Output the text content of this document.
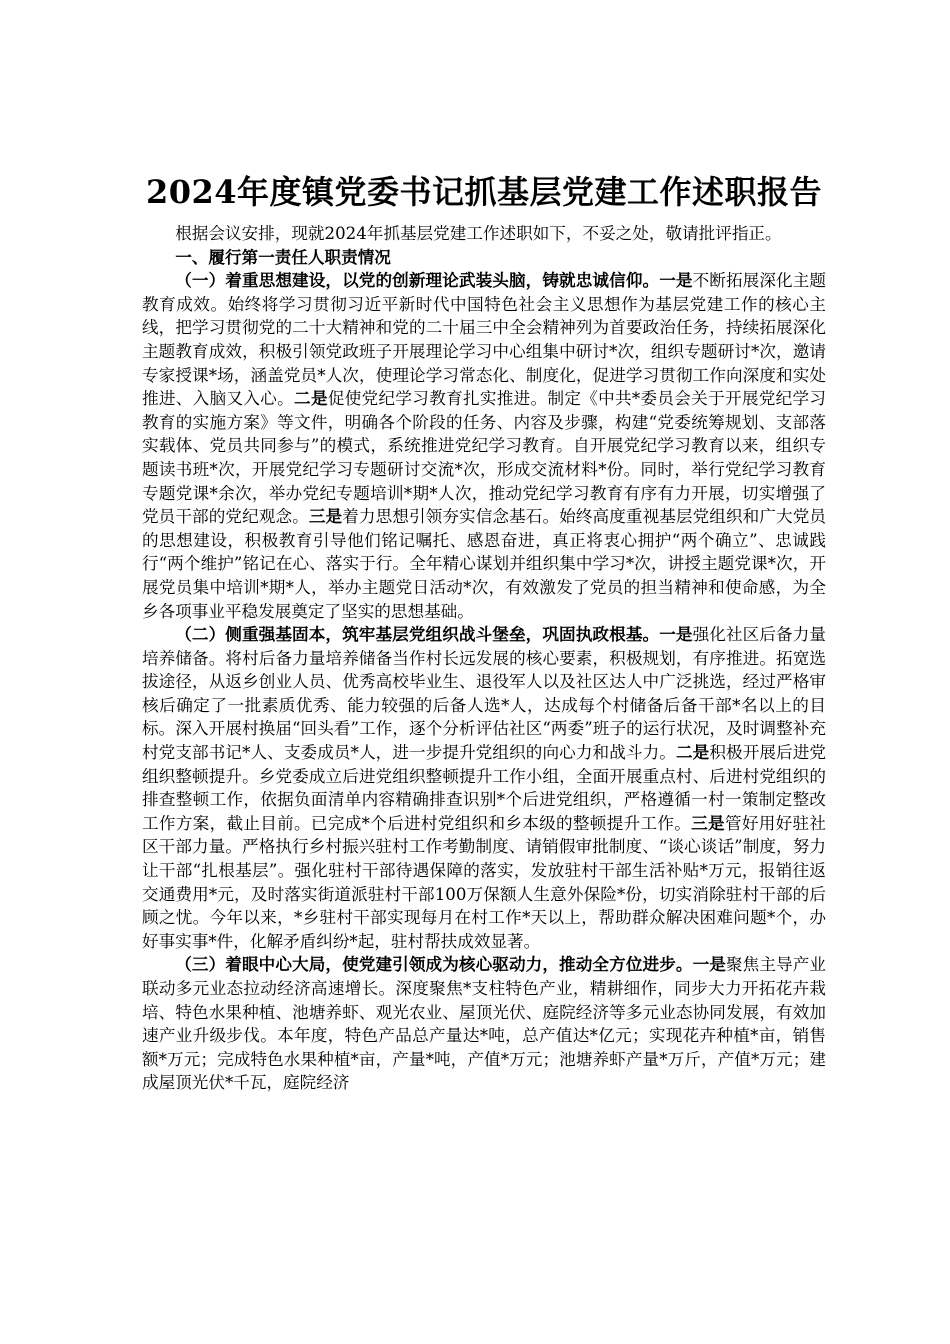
2024年度镇党委书记抓基层党建工作述职报告

根据会议安排，现就2024年抓基层党建工作述职如下，不妥之处，敬请批评指正。

一、履行第一责任人职责情况

（一）着重思想建设，以党的创新理论武装头脑，铸就忠诚信仰。一是不断拓展深化主题教育成效。始终将学习贯彻习近平新时代中国特色社会主义思想作为基层党建工作的核心主线，把学习贯彻党的二十大精神和党的二十届三中全会精神列为首要政治任务，持续拓展深化主题教育成效，积极引领党政班子开展理论学习中心组集中研讨*次，组织专题研讨*次，邀请专家授课*场，涵盖党员*人次，使理论学习常态化、制度化，促进学习贯彻工作向深度和实处推进、入脑又入心。二是促使党纪学习教育扎实推进。制定《中共*委员会关于开展党纪学习教育的实施方案》等文件，明确各个阶段的任务、内容及步骤，构建“党委统筹规划、支部落实载体、党员共同参与”的模式，系统推进党纪学习教育。自开展党纪学习教育以来，组织专题读书班*次，开展党纪学习专题研讨交流*次，形成交流材料*份。同时，举行党纪学习教育专题党课*余次，举办党纪专题培训*期*人次，推动党纪学习教育有序有力开展，切实增强了党员干部的党纪观念。三是着力思想引领夯实信念基石。始终高度重视基层党组织和广大党员的思想建设，积极教育引导他们铭记嘱托、感恩奋进，真正将衷心拥护“两个确立”、忠诚践行“两个维护”铭记在心、落实于行。全年精心谋划并组织集中学习*次，讲授主题党课*次，开展党员集中培训*期*人，举办主题党日活动*次，有效激发了党员的担当精神和使命感，为全乡各项事业平稳发展奠定了坚实的思想基础。

（二）侧重强基固本，筑牢基层党组织战斗堡垒，巩固执政根基。一是强化社区后备力量培养储备。将村后备力量培养储备当作村长远发展的核心要素，积极规划，有序推进。拓宽选拔途径，从返乡创业人员、优秀高校毕业生、退役军人以及社区达人中广泛挑选，经过严格审核后确定了一批素质优秀、能力较强的后备人选*人，达成每个村储备后备干部*名以上的目标。深入开展村换届“回头看”工作，逐个分析评估社区“两委”班子的运行状况，及时调整补充村党支部书记*人、支委成员*人，进一步提升党组织的向心力和战斗力。二是积极开展后进党组织整顿提升。乡党委成立后进党组织整顿提升工作小组，全面开展重点村、后进村党组织的排查整顿工作，依据负面清单内容精确排查识别*个后进党组织，严格遵循一村一策制定整改工作方案，截止目前。已完成*个后进村党组织和乡本级的整顿提升工作。三是管好用好驻社区干部力量。严格执行乡村振兴驻村工作考勤制度、请销假审批制度、“谈心谈话”制度，努力让干部“扎根基层”。强化驻村干部待遇保障的落实，发放驻村干部生活补贴*万元，报销往返交通费用*元，及时落实街道派驻村干部100万保额人生意外保险*份，切实消除驻村干部的后顾之忧。今年以来，*乡驻村干部实现每月在村工作*天以上，帮助群众解决困难问题*个，办好事实事*件，化解矛盾纠纷*起，驻村帮扶成效显著。

（三）着眼中心大局，使党建引领成为核心驱动力，推动全方位进步。一是聚焦主导产业联动多元业态拉动经济高速增长。深度聚焦*支柱特色产业，精耕细作，同步大力开拓花卉栽培、特色水果种植、池塘养虾、观光农业、屋顶光伏、庭院经济等多元业态协同发展，有效加速产业升级步伐。本年度，特色产品总产量达*吨，总产值达*亿元；实现花卉种植*亩，销售额*万元；完成特色水果种植*亩，产量*吨，产值*万元；池塘养虾产量*万斤，产值*万元；建成屋顶光伏*千瓦，庭院经济
